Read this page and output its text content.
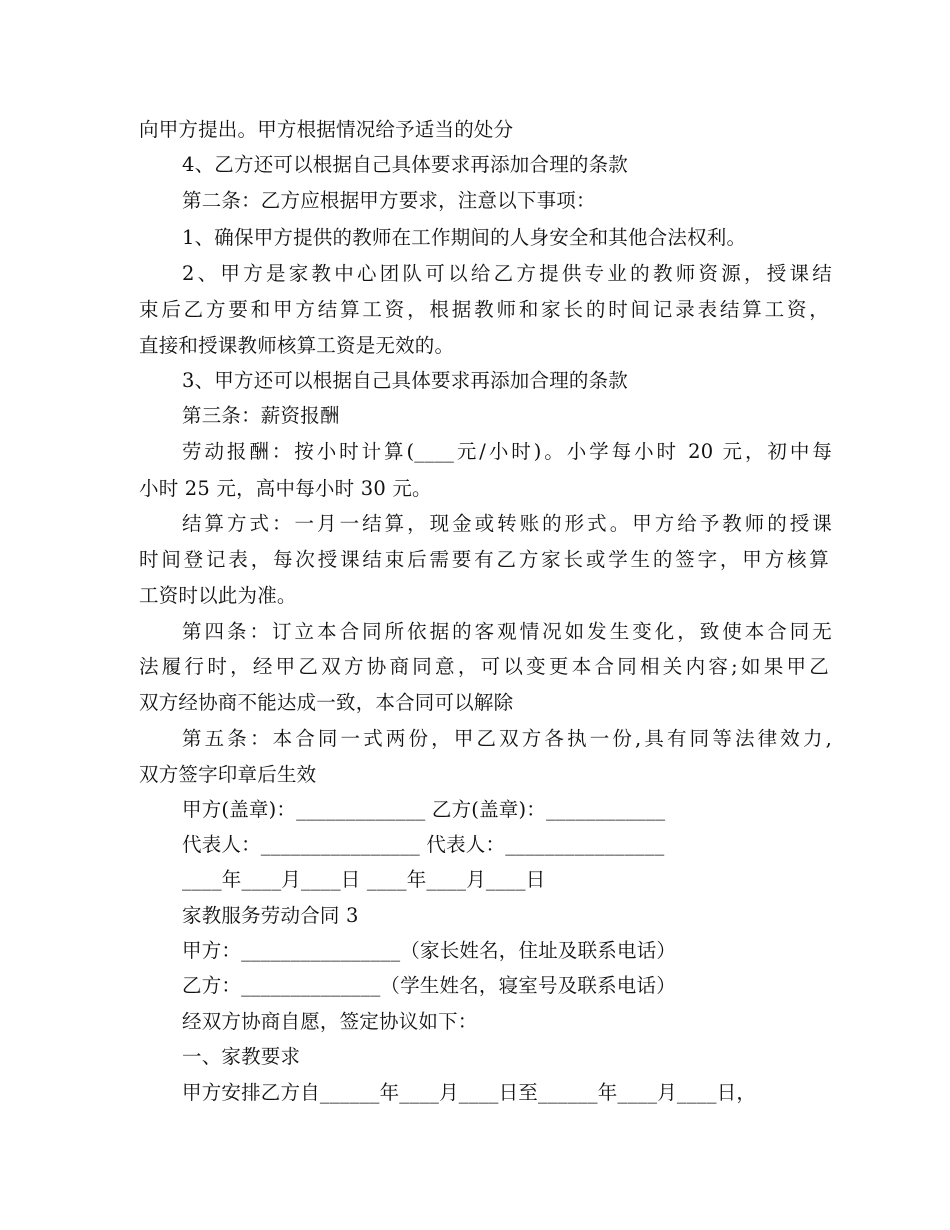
向甲方提出。甲方根据情况给予适当的处分
4、乙方还可以根据自己具体要求再添加合理的条款
第二条：乙方应根据甲方要求，注意以下事项：
1、确保甲方提供的教师在工作期间的人身安全和其他合法权利。
2、甲方是家教中心团队可以给乙方提供专业的教师资源，授课结
束后乙方要和甲方结算工资，根据教师和家长的时间记录表结算工资，
直接和授课教师核算工资是无效的。
3、甲方还可以根据自己具体要求再添加合理的条款
第三条：薪资报酬
劳动报酬：按小时计算(____元/小时)。小学每小时 20 元，初中每
小时 25 元，高中每小时 30 元。
结算方式：一月一结算，现金或转账的形式。甲方给予教师的授课
时间登记表，每次授课结束后需要有乙方家长或学生的签字，甲方核算
工资时以此为准。
第四条：订立本合同所依据的客观情况如发生变化，致使本合同无
法履行时，经甲乙双方协商同意，可以变更本合同相关内容;如果甲乙
双方经协商不能达成一致，本合同可以解除
第五条：本合同一式两份，甲乙双方各执一份,具有同等法律效力,
双方签字印章后生效
甲方(盖章)：_____________ 乙方(盖章)：____________
代表人：________________ 代表人：________________
____年____月____日 ____年____月____日
家教服务劳动合同 3
甲方：________________（家长姓名，住址及联系电话）
乙方：______________（学生姓名，寝室号及联系电话）
经双方协商自愿，签定协议如下：
一、家教要求
甲方安排乙方自______年____月____日至______年____月____日，
